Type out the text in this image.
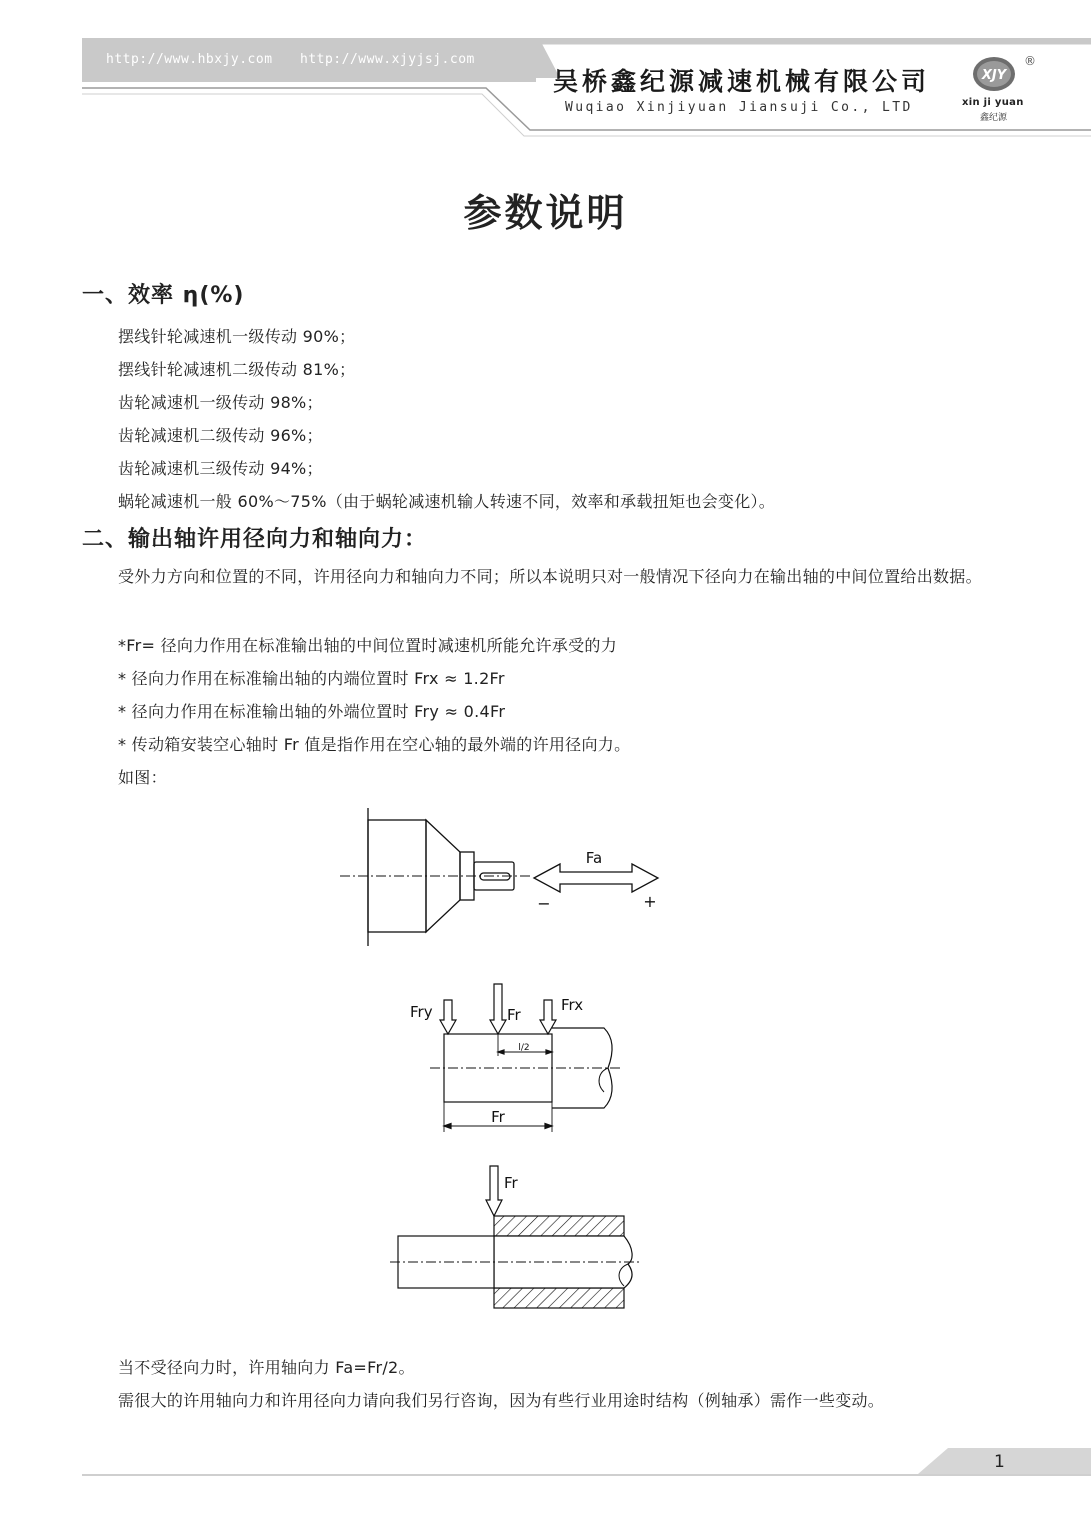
http://www.hbxjy.com http://www.xjyjsj.com
吴桥鑫纪源减速机械有限公司
Wuqiao Xinjiyuan Jiansuji Co., LTD
XJY
®
xin ji yuan
鑫纪源
参数说明
一、效率 η(%)
摆线针轮减速机一级传动 90%；
摆线针轮减速机二级传动 81%；
齿轮减速机一级传动 98%；
齿轮减速机二级传动 96%；
齿轮减速机三级传动 94%；
蜗轮减速机一般 60%～75%（由于蜗轮减速机输人转速不同，效率和承载扭矩也会变化）。
二、输出轴许用径向力和轴向力：
受外力方向和位置的不同，许用径向力和轴向力不同；所以本说明只对一般情况下径向力在输出轴的中间位置给出数据。
*Fr= 径向力作用在标准输出轴的中间位置时减速机所能允许承受的力
* 径向力作用在标准输出轴的内端位置时 Frx ≈ 1.2Fr
* 径向力作用在标准输出轴的外端位置时 Fry ≈ 0.4Fr
* 传动箱安装空心轴时 Fr 值是指作用在空心轴的最外端的许用径向力。
如图：
Fa
−	+
Fry	Fr
Frx
l/2
Fr
Fr
当不受径向力时，许用轴向力 Fa=Fr/2。
需很大的许用轴向力和许用径向力请向我们另行咨询，因为有些行业用途时结构（例轴承）需作一些变动。
1
